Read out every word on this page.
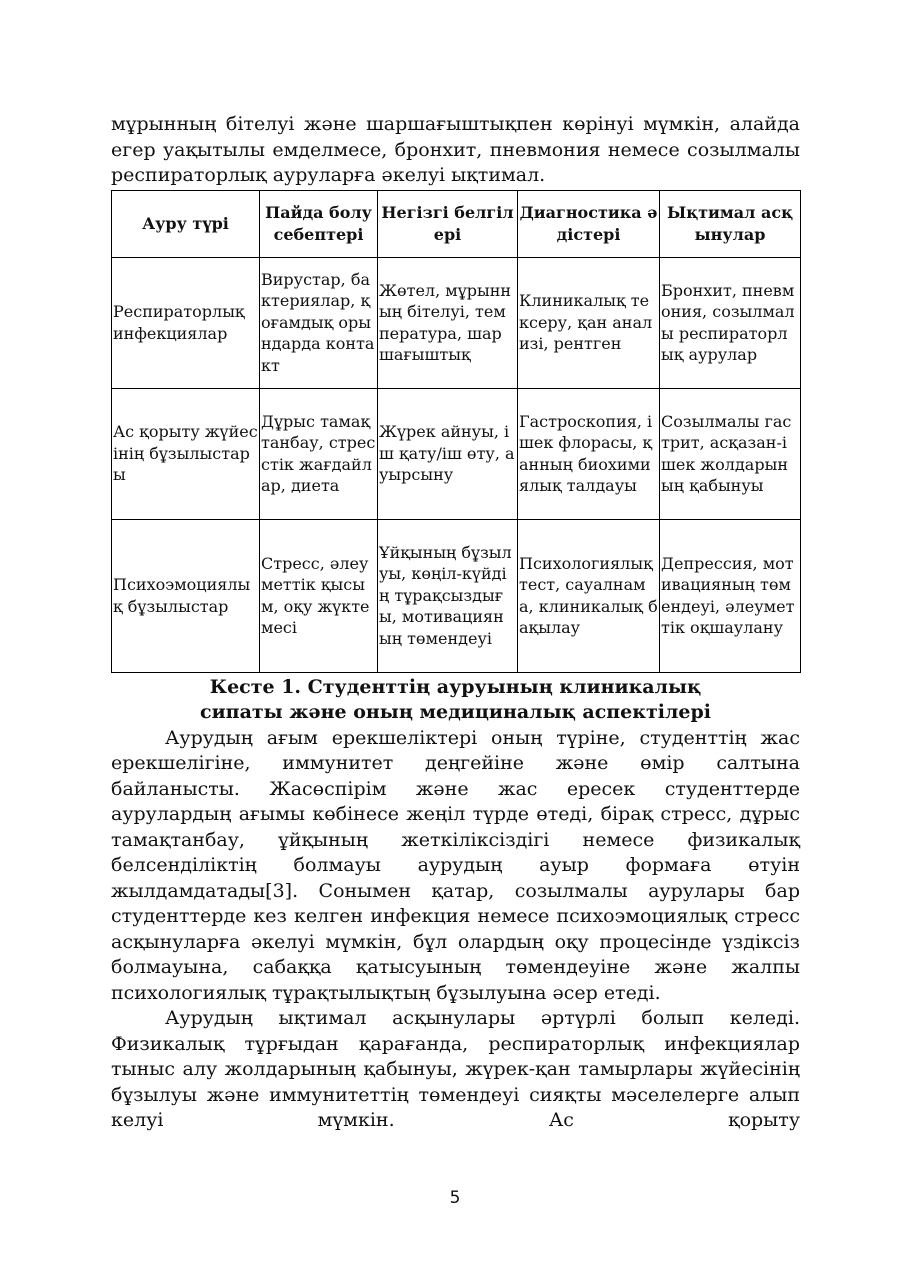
мұрынның бітелуі және шаршағыштықпен көрінуі мүмкін, алайда егер уақытылы емделмесе, бронхит, пневмония немесе созылмалы респираторлық ауруларға әкелуі ықтимал.

Ауру түрі	Пайда болу себептері	Негізгі белгілері	Диагностика әдістері	Ықтимал асқынулар
Респираторлық инфекциялар	Вирустар, бактериялар, қоғамдық орындарда контакт	Жөтел, мұрынның бітелуі, температура, шаршағыштық	Клиникалық тексеру, қан анализі, рентген	Бронхит, пневмония, созылмалы респираторлық аурулар
Ас қорыту жүйесінің бұзылыстары	Дұрыс тамақтанбау, стресстік жағдайлар, диета	Жүрек айнуы, іш қату/іш өту, ауырсыну	Гастроскопия, ішек флорасы, қанның биохимиялық талдауы	Созылмалы гастрит, асқазан-ішек жолдарының қабынуы
Психоэмоциялық бұзылыстар	Стресс, әлеуметтік қысым, оқу жүктемесі	Ұйқының бұзылуы, көңіл-күйдің тұрақсыздығы, мотивацияның төмендеуі	Психологиялық тест, сауалнама, клиникалық бақылау	Депрессия, мотивацияның төмендеуі, әлеуметтік оқшаулану

Кесте 1. Студенттің ауруының клиникалық
сипаты және оның медициналық аспектілері

Аурудың ағым ерекшеліктері оның түріне, студенттің жас ерекшелігіне, иммунитет деңгейіне және өмір салтына байланысты. Жасөспірім және жас ересек студенттерде аурулардың ағымы көбінесе жеңіл түрде өтеді, бірақ стресс, дұрыс тамақтанбау, ұйқының жеткіліксіздігі немесе физикалық белсенділіктің болмауы аурудың ауыр формаға өтуін жылдамдатады[3]. Сонымен қатар, созылмалы аурулары бар студенттерде кез келген инфекция немесе психоэмоциялық стресс асқынуларға әкелуі мүмкін, бұл олардың оқу процесінде үздіксіз болмауына, сабаққа қатысуының төмендеуіне және жалпы психологиялық тұрақтылықтың бұзылуына әсер етеді.

Аурудың ықтимал асқынулары әртүрлі болып келеді. Физикалық тұрғыдан қарағанда, респираторлық инфекциялар тыныс алу жолдарының қабынуы, жүрек-қан тамырлары жүйесінің бұзылуы және иммунитеттің төмендеуі сияқты мәселелерге алып келуі мүмкін. Ас қорыту

5
